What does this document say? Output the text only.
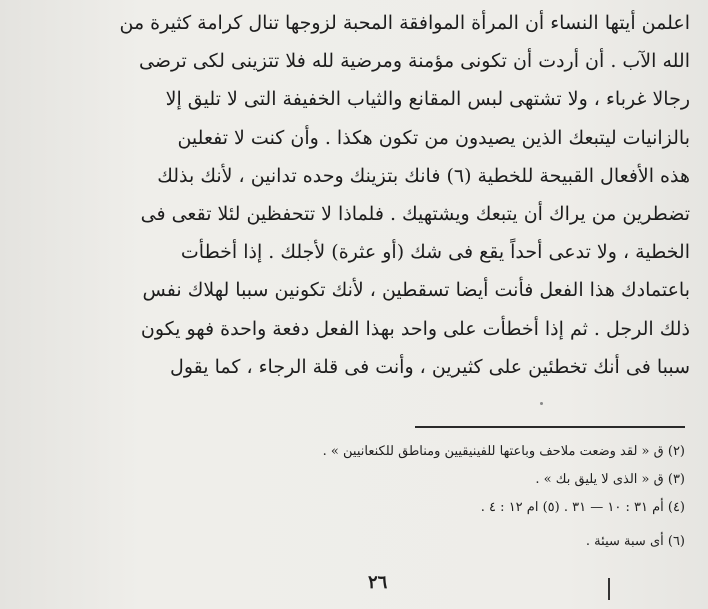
اعلمن أيتها النساء أن المرأة الموافقة المحبة لزوجها تنال كرامة كثيرة من
الله الآب . أن أردت أن تكونى مؤمنة ومرضية لله فلا تتزينى لكى ترضى
رجالا غرباء ، ولا تشتهى لبس المقانع والثياب الخفيفة التى لا تليق إلا
بالزانيات ليتبعك الذين يصيدون من تكون هكذا . وأن كنت لا تفعلين
هذه الأفعال القبيحة للخطية (٦) فانك بتزينك وحده تدانين ، لأنك بذلك
تضطرين من يراك أن يتبعك ويشتهيك . فلماذا لا تتحفظين لئلا تقعى فى
الخطية ، ولا تدعى أحداً يقع فى شك (أو عثرة) لأجلك . إذا أخطأت
باعتمادك هذا الفعل فأنت أيضا تسقطين ، لأنك تكونين سببا لهلاك نفس
ذلك الرجل . ثم إذا أخطأت على واحد بهذا الفعل دفعة واحدة فهو يكون
سببا فى أنك تخطئين على كثيرين ، وأنت فى قلة الرجاء ، كما يقول
(٢) ق « لقد وضعت ملاحف وباعتها للفينيقيين ومناطق للكنعانيين » .
(٣) ق « الذى لا يليق بك » .
(٤) أم ٣١ : ١٠ — ٣١ . (٥) ام ١٢ : ٤ .
(٦) أى سبة سيئة .
٢٦
